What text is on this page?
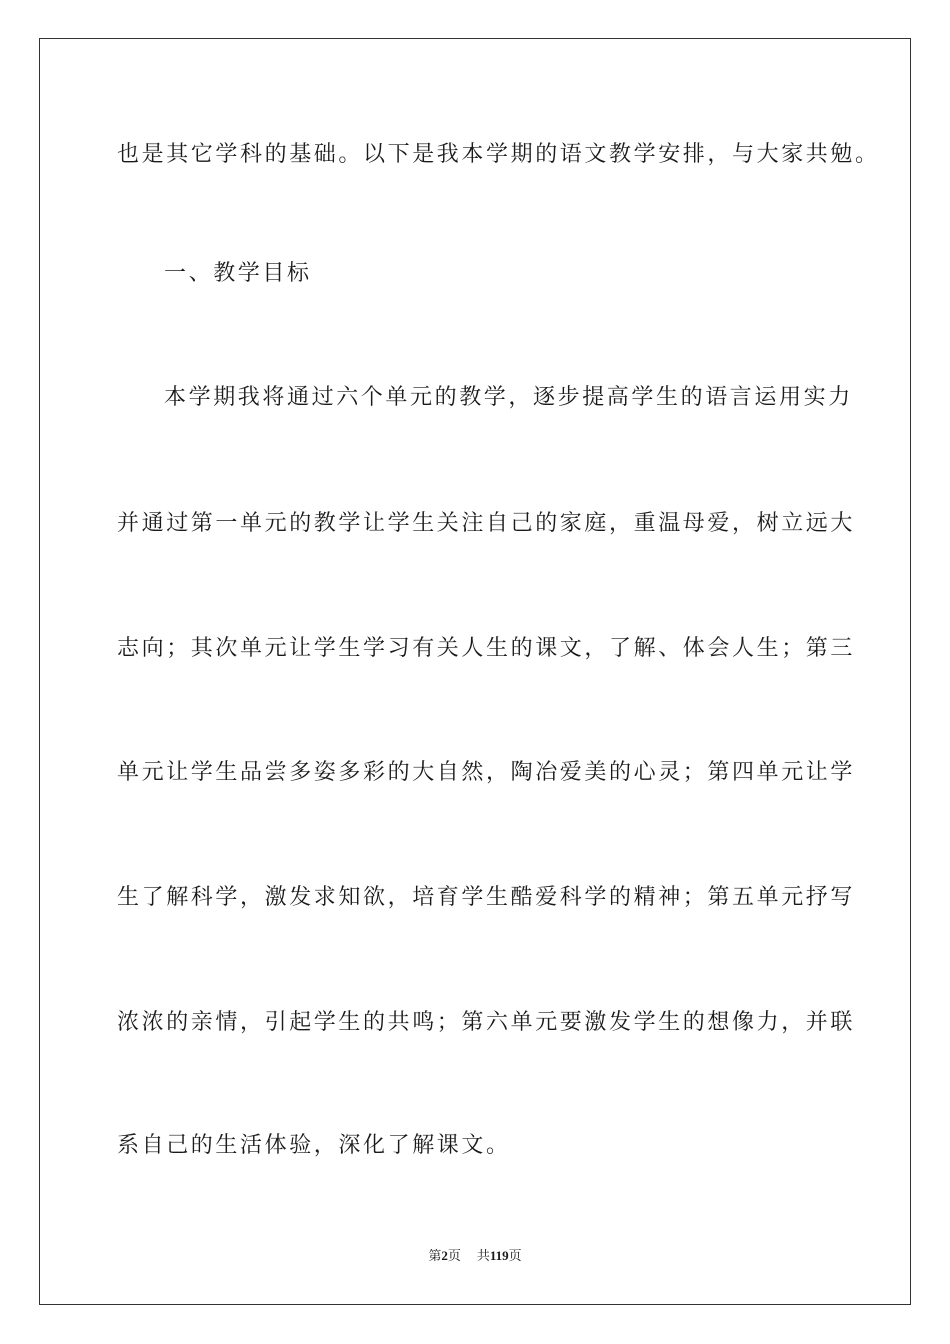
也是其它学科的基础。以下是我本学期的语文教学安排，与大家共勉。
一、教学目标
本学期我将通过六个单元的教学，逐步提高学生的语言运用实力
并通过第一单元的教学让学生关注自己的家庭，重温母爱，树立远大
志向；其次单元让学生学习有关人生的课文，了解、体会人生；第三
单元让学生品尝多姿多彩的大自然，陶冶爱美的心灵；第四单元让学
生了解科学，激发求知欲，培育学生酷爱科学的精神；第五单元抒写
浓浓的亲情，引起学生的共鸣；第六单元要激发学生的想像力，并联
系自己的生活体验，深化了解课文。
第2页 共119页
